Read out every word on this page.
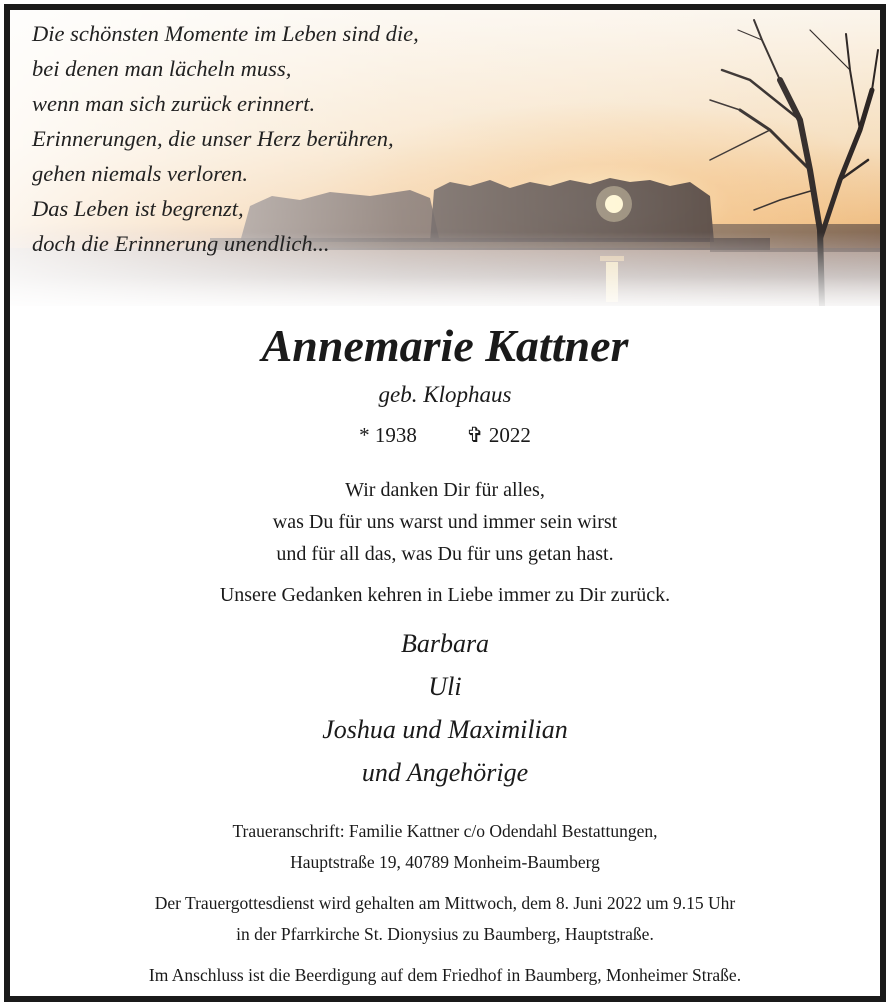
Die schönsten Momente im Leben sind die,
bei denen man lächeln muss,
wenn man sich zurück erinnert.
Erinnerungen, die unser Herz berühren,
gehen niemals verloren.
Das Leben ist begrenzt,
doch die Erinnerung unendlich...
Annemarie Kattner
geb. Klophaus
* 1938 ✞ 2022
Wir danken Dir für alles,
was Du für uns warst und immer sein wirst
und für all das, was Du für uns getan hast.
Unsere Gedanken kehren in Liebe immer zu Dir zurück.
Barbara
Uli
Joshua und Maximilian
und Angehörige
Traueranschrift: Familie Kattner c/o Odendahl Bestattungen,
Hauptstraße 19, 40789 Monheim-Baumberg
Der Trauergottesdienst wird gehalten am Mittwoch, dem 8. Juni 2022 um 9.15 Uhr
in der Pfarrkirche St. Dionysius zu Baumberg, Hauptstraße.
Im Anschluss ist die Beerdigung auf dem Friedhof in Baumberg, Monheimer Straße.
